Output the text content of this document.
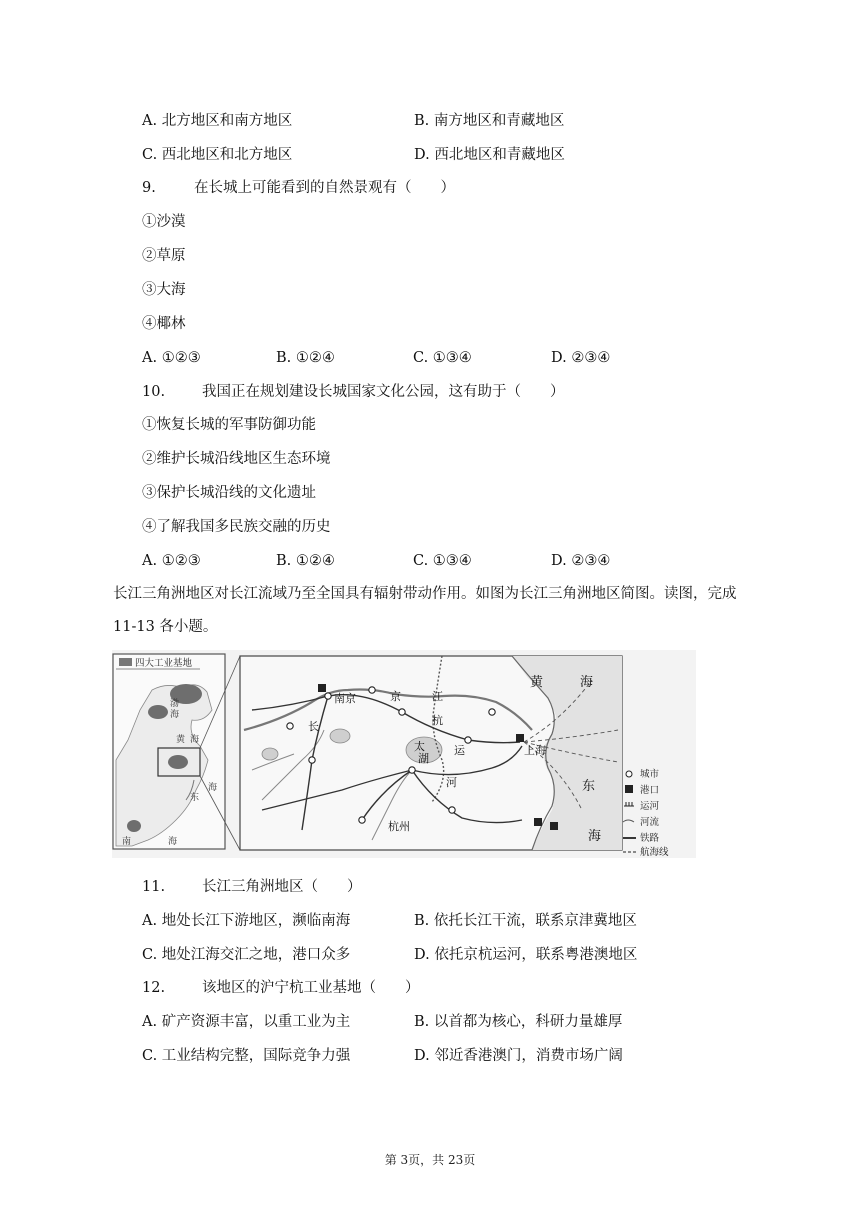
A. 北方地区和南方地区	B. 南方地区和青藏地区
C. 西北地区和北方地区	D. 西北地区和青藏地区
9.	在长城上可能看到的自然景观有（　　）
①沙漠
②草原
③大海
④椰林
A. ①②③	B. ①②④	C. ①③④	D. ②③④
10.	我国正在规划建设长城国家文化公园，这有助于（　　）
①恢复长城的军事防御功能
②维护长城沿线地区生态环境
③保护长城沿线的文化遗址
④了解我国多民族交融的历史
A. ①②③	B. ①②④	C. ①③④	D. ②③④
长江三角洲地区对长江流域乃至全国具有辐射带动作用。如图为长江三角洲地区简图。读图，完成 11-13 各小题。
四大工业基地
渤
海
黄 海
东
海
南	海
南京	京	江
长	杭
运
太
湖
河
上海
杭州
黄	海
东
海
城市
港口
运河
河流
铁路
航海线
11.	长江三角洲地区（　　）
A. 地处长江下游地区，濒临南海	B. 依托长江干流，联系京津冀地区
C. 地处江海交汇之地，港口众多	D. 依托京杭运河，联系粤港澳地区
12.	该地区的沪宁杭工业基地（　　）
A. 矿产资源丰富，以重工业为主	B. 以首都为核心，科研力量雄厚
C. 工业结构完整，国际竞争力强	D. 邻近香港澳门，消费市场广阔
第 3页，共 23页
